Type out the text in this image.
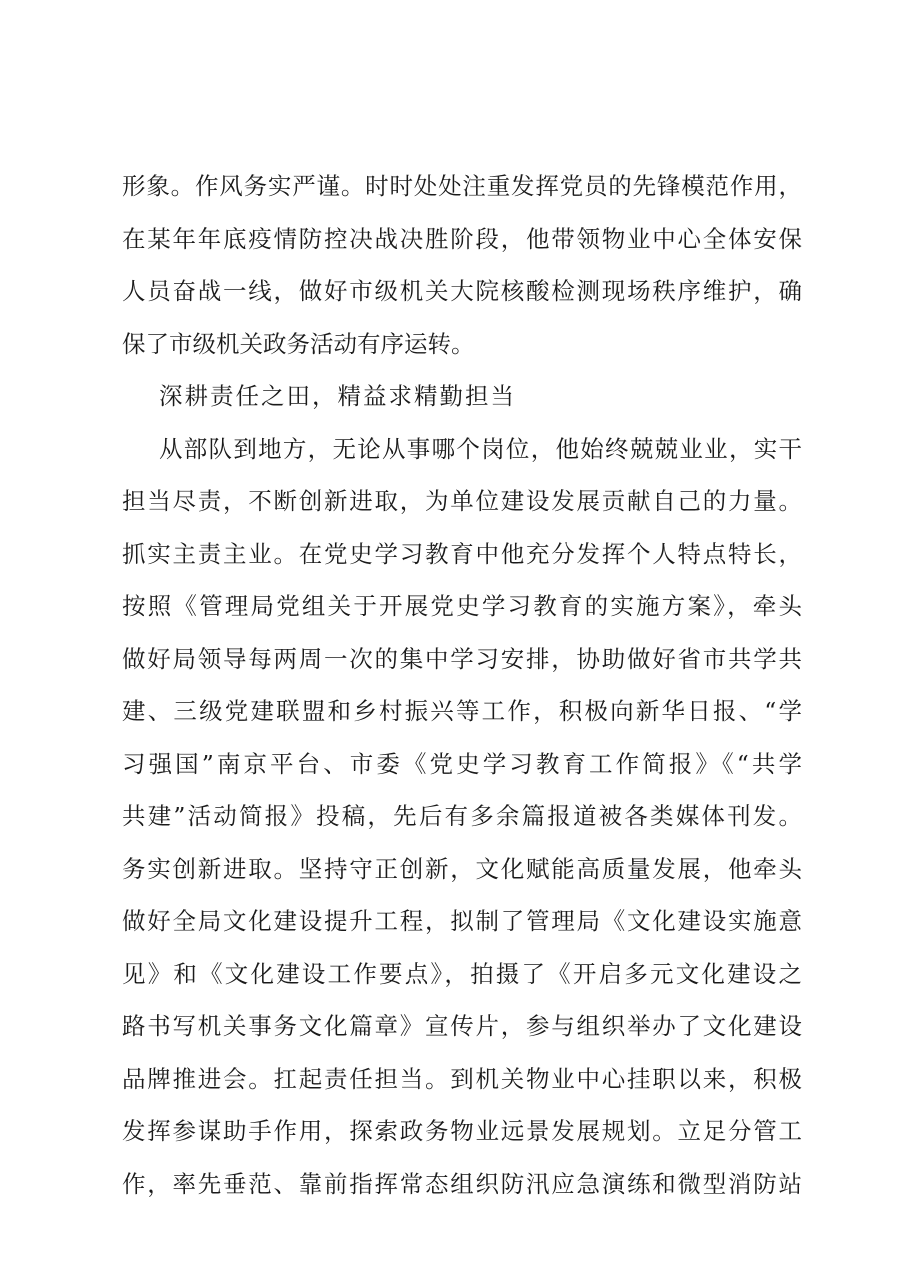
形象。作风务实严谨。时时处处注重发挥党员的先锋模范作用，
在某年年底疫情防控决战决胜阶段，他带领物业中心全体安保
人员奋战一线，做好市级机关大院核酸检测现场秩序维护，确
保了市级机关政务活动有序运转。
深耕责任之田，精益求精勤担当
从部队到地方，无论从事哪个岗位，他始终兢兢业业，实干
担当尽责，不断创新进取，为单位建设发展贡献自己的力量。
抓实主责主业。在党史学习教育中他充分发挥个人特点特长，
按照《管理局党组关于开展党史学习教育的实施方案》，牵头
做好局领导每两周一次的集中学习安排，协助做好省市共学共
建、三级党建联盟和乡村振兴等工作，积极向新华日报、“学
习强国”南京平台、市委《党史学习教育工作简报》《“共学
共建”活动简报》投稿，先后有多余篇报道被各类媒体刊发。
务实创新进取。坚持守正创新，文化赋能高质量发展，他牵头
做好全局文化建设提升工程，拟制了管理局《文化建设实施意
见》和《文化建设工作要点》，拍摄了《开启多元文化建设之
路书写机关事务文化篇章》宣传片，参与组织举办了文化建设
品牌推进会。扛起责任担当。到机关物业中心挂职以来，积极
发挥参谋助手作用，探索政务物业远景发展规划。立足分管工
作，率先垂范、靠前指挥常态组织防汛应急演练和微型消防站
